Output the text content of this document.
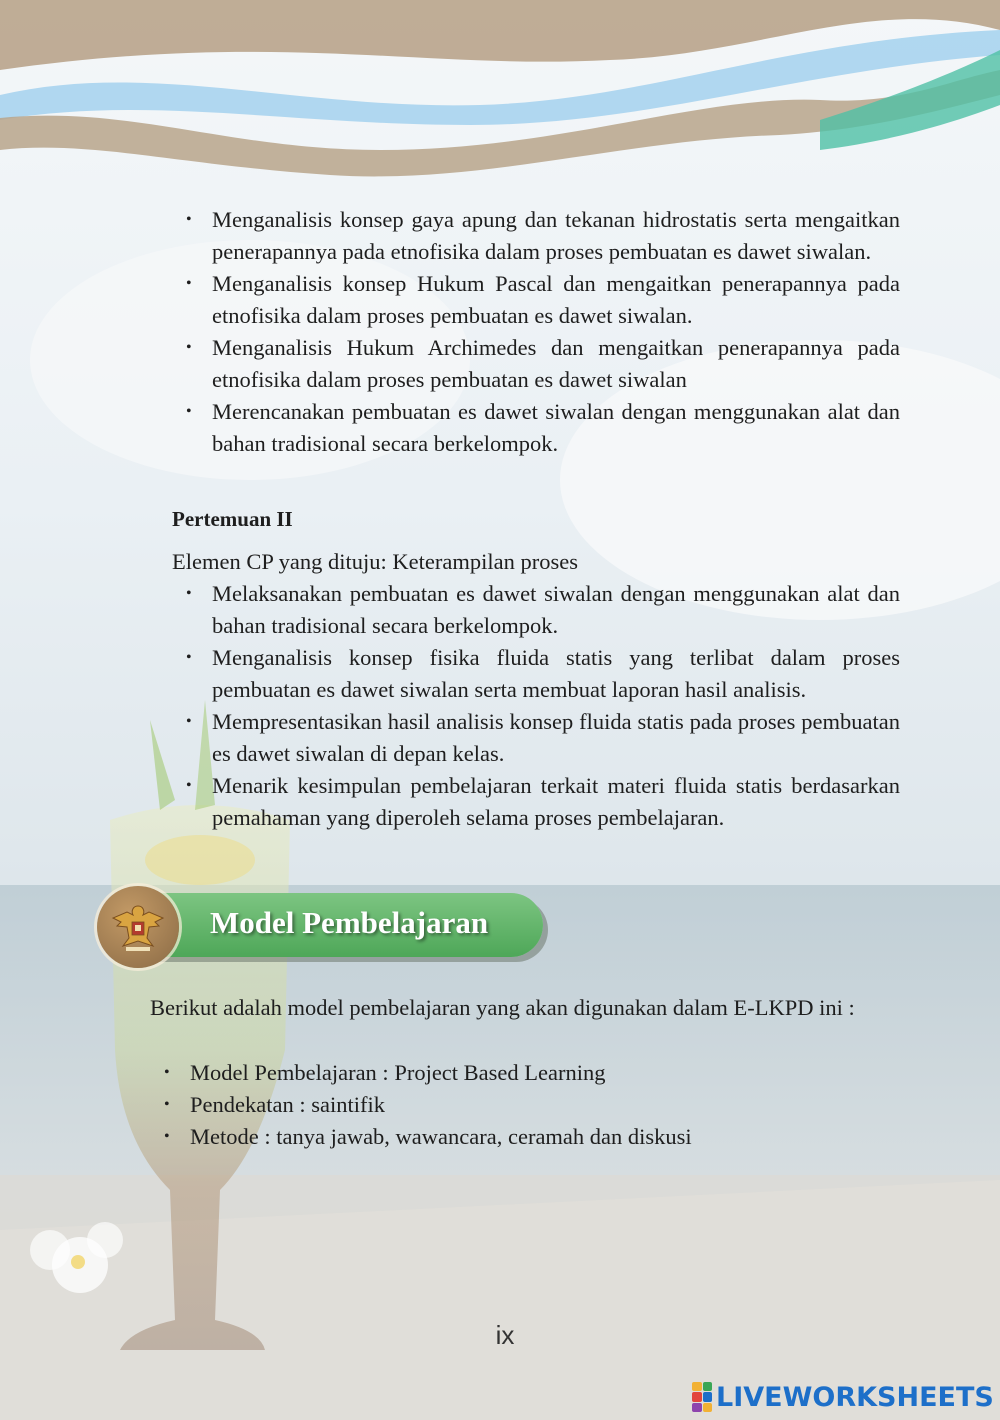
• Menganalisis konsep gaya apung dan tekanan hidrostatis serta mengaitkan penerapannya pada etnofisika dalam proses pembuatan es dawet siwalan.
• Menganalisis konsep Hukum Pascal dan mengaitkan penerapannya pada etnofisika dalam proses pembuatan es dawet siwalan.
• Menganalisis Hukum Archimedes dan mengaitkan penerapannya pada etnofisika dalam proses pembuatan es dawet siwalan
• Merencanakan pembuatan es dawet siwalan dengan menggunakan alat dan bahan tradisional secara berkelompok.
Pertemuan II
Elemen CP yang dituju: Keterampilan proses
• Melaksanakan pembuatan es dawet siwalan dengan menggunakan alat dan bahan tradisional secara berkelompok.
• Menganalisis konsep fisika fluida statis yang terlibat dalam proses pembuatan es dawet siwalan serta membuat laporan hasil analisis.
• Mempresentasikan hasil analisis konsep fluida statis pada proses pembuatan es dawet siwalan di depan kelas.
• Menarik kesimpulan pembelajaran terkait materi fluida statis berdasarkan pemahaman yang diperoleh selama proses pembelajaran.
Model Pembelajaran
Berikut adalah model pembelajaran yang akan digunakan dalam E-LKPD ini :
• Model Pembelajaran : Project Based Learning
• Pendekatan : saintifik
• Metode : tanya jawab, wawancara, ceramah dan diskusi
ix
LIVEWORKSHEETS
